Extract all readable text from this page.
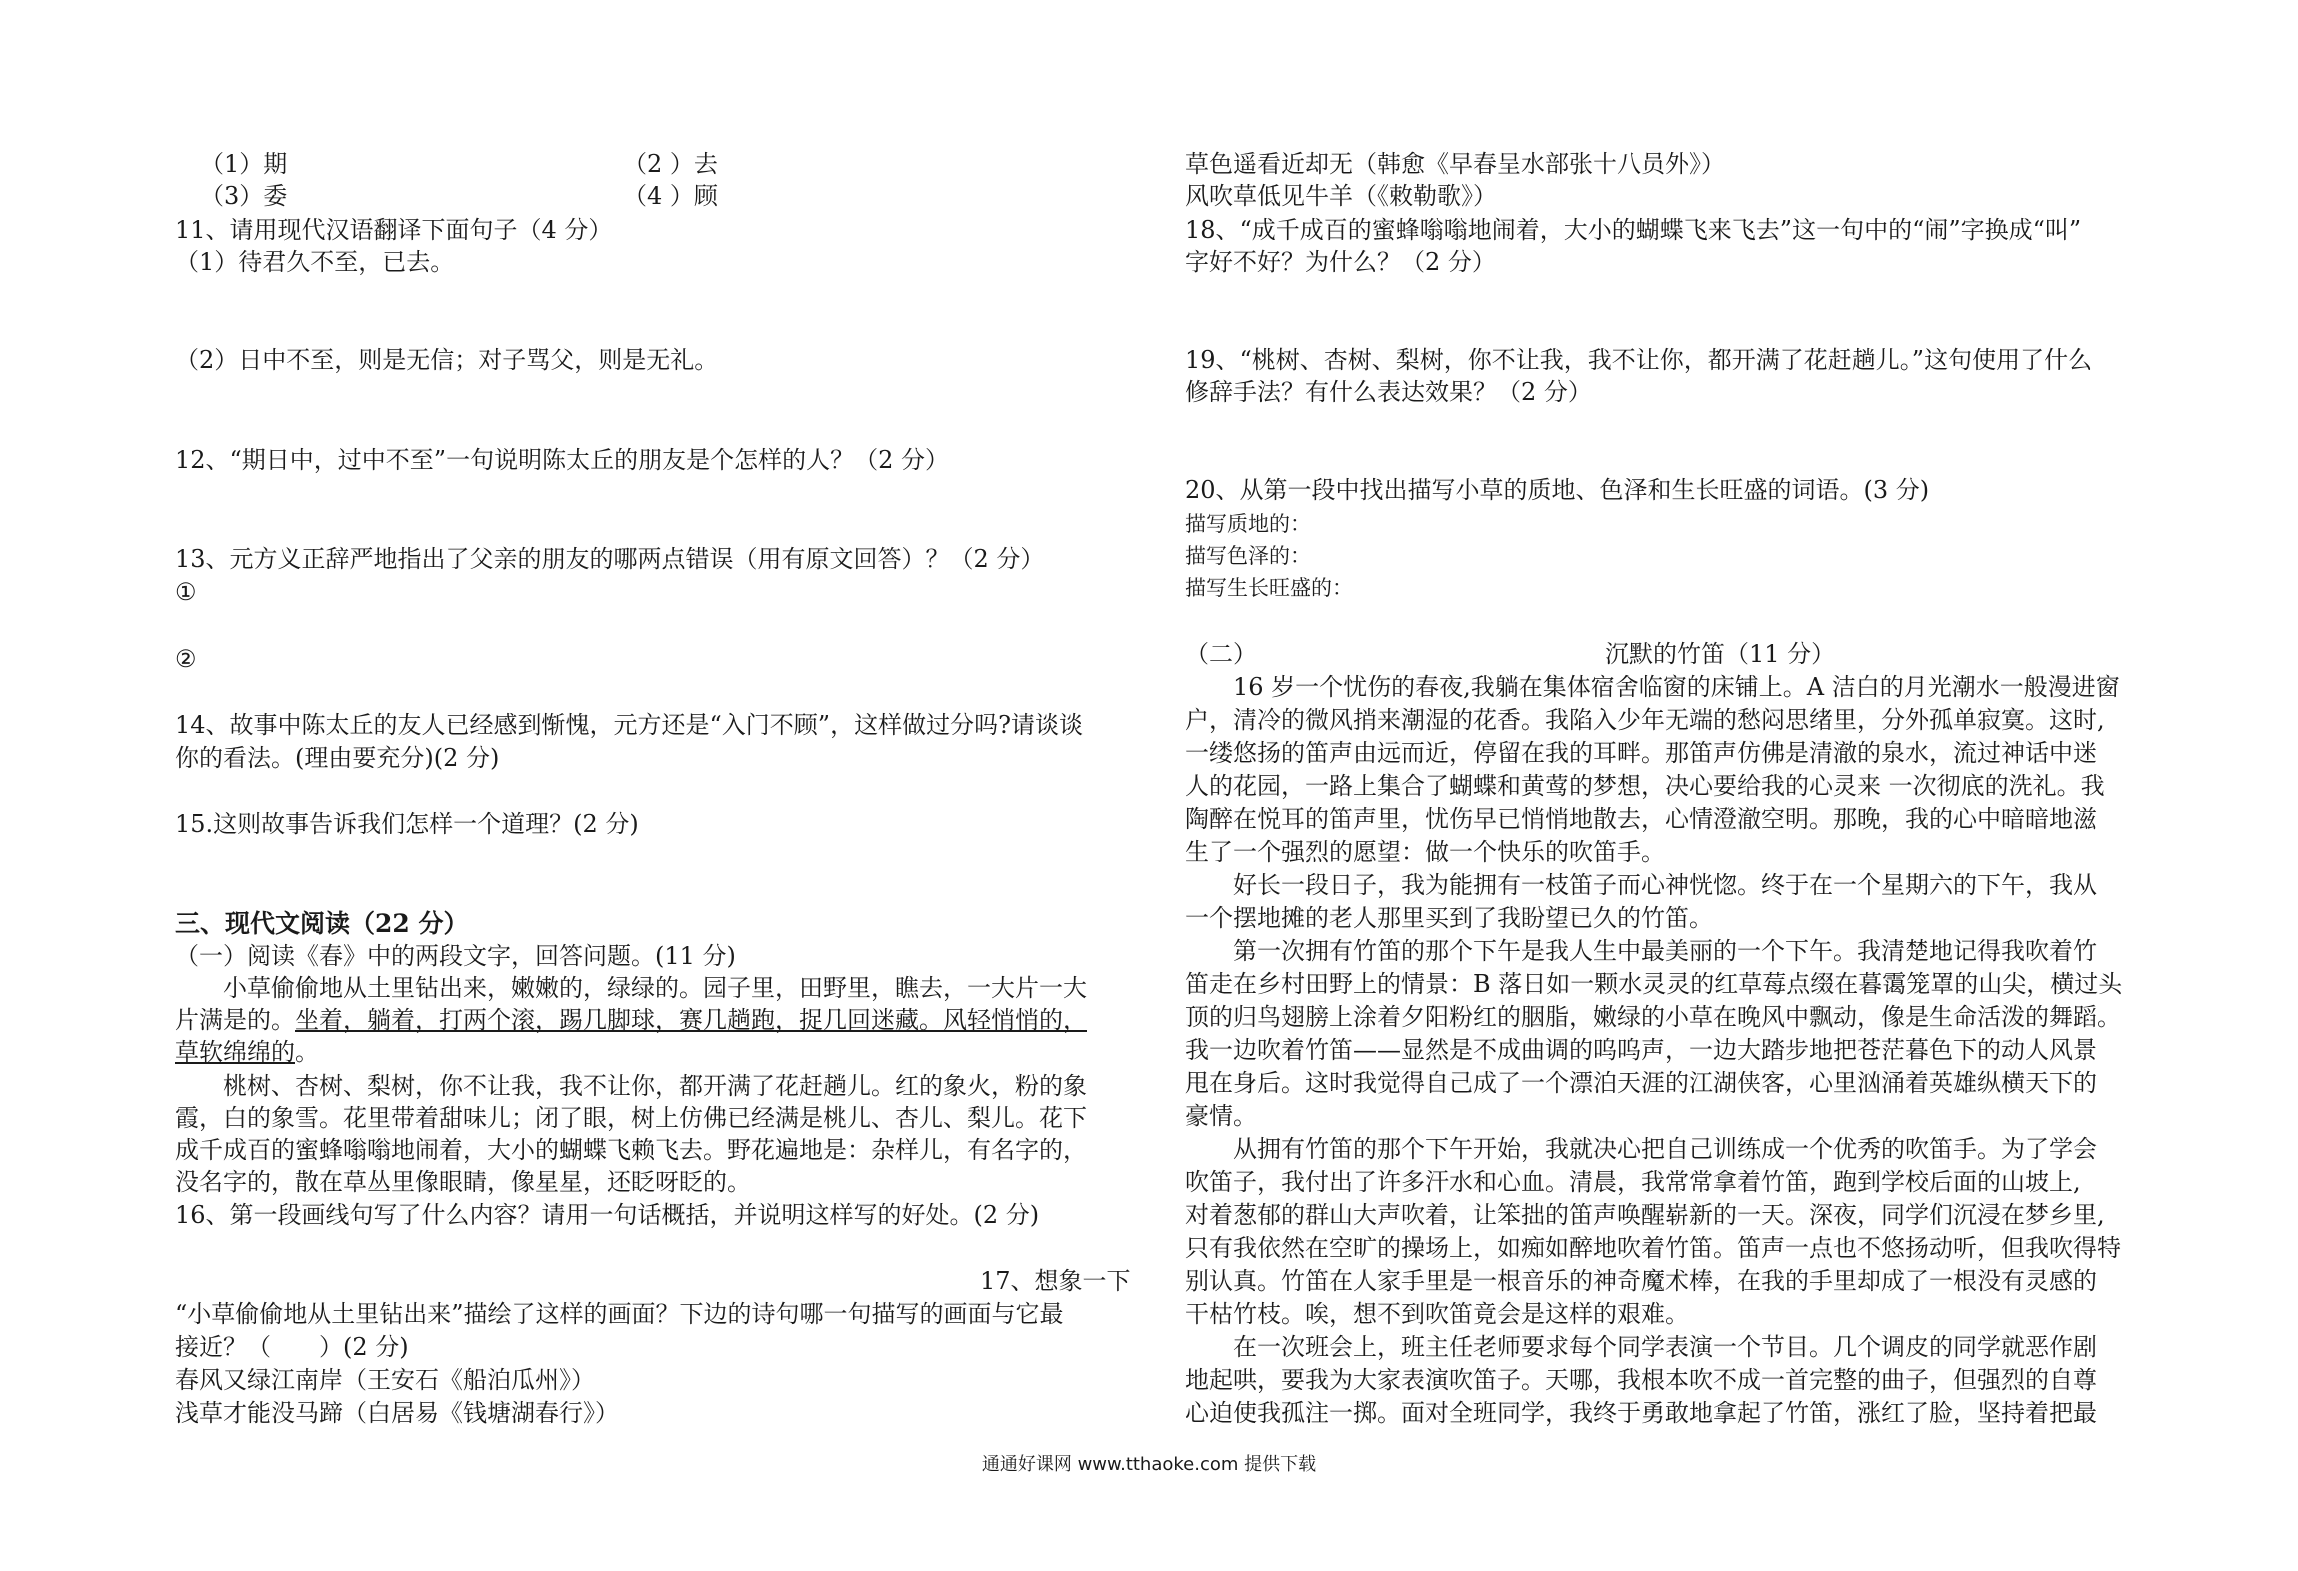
（1）期	（2 ）去
（3）委	（4 ）顾
11、请用现代汉语翻译下面句子（4 分）
（1）待君久不至，已去。
（2）日中不至，则是无信；对子骂父，则是无礼。
12、“期日中，过中不至”一句说明陈太丘的朋友是个怎样的人？（2 分）
13、元方义正辞严地指出了父亲的朋友的哪两点错误（用有原文回答）？（2 分）
①
②
14、故事中陈太丘的友人已经感到惭愧，元方还是“入门不顾”，这样做过分吗?请谈谈
你的看法。(理由要充分)(2 分)
15.这则故事告诉我们怎样一个道理？(2 分)
三、现代文阅读（22 分）
（一）阅读《春》中的两段文字，回答问题。(11 分)
小草偷偷地从土里钻出来，嫩嫩的，绿绿的。园子里，田野里，瞧去，一大片一大
片满是的。坐着，躺着，打两个滚，踢几脚球，赛几趟跑，捉几回迷藏。风轻悄悄的，
草软绵绵的。
桃树、杏树、梨树，你不让我，我不让你，都开满了花赶趟儿。红的象火，粉的象
霞，白的象雪。花里带着甜味儿；闭了眼，树上仿佛已经满是桃儿、杏儿、梨儿。花下
成千成百的蜜蜂嗡嗡地闹着，大小的蝴蝶飞赖飞去。野花遍地是：杂样儿，有名字的，
没名字的，散在草丛里像眼睛，像星星，还眨呀眨的。
16、第一段画线句写了什么内容？请用一句话概括，并说明这样写的好处。(2 分)
17、想象一下
“小草偷偷地从土里钻出来”描绘了这样的画面？下边的诗句哪一句描写的画面与它最
接近？（　　）(2 分)
春风又绿江南岸（王安石《船泊瓜州》）
浅草才能没马蹄（白居易《钱塘湖春行》）
草色遥看近却无（韩愈《早春呈水部张十八员外》）
风吹草低见牛羊（《敕勒歌》）
18、“成千成百的蜜蜂嗡嗡地闹着，大小的蝴蝶飞来飞去”这一句中的“闹”字换成“叫”
字好不好？为什么？（2 分）
19、“桃树、杏树、梨树，你不让我，我不让你，都开满了花赶趟儿。”这句使用了什么
修辞手法？有什么表达效果？（2 分）
20、从第一段中找出描写小草的质地、色泽和生长旺盛的词语。(3 分)
描写质地的：
描写色泽的：
描写生长旺盛的：
（二）	沉默的竹笛（11 分）
16 岁一个忧伤的春夜,我躺在集体宿舍临窗的床铺上。A 洁白的月光潮水一般漫进窗
户，清冷的微风捎来潮湿的花香。我陷入少年无端的愁闷思绪里，分外孤单寂寞。这时,
一缕悠扬的笛声由远而近，停留在我的耳畔。那笛声仿佛是清澈的泉水，流过神话中迷
人的花园，一路上集合了蝴蝶和黄莺的梦想，决心要给我的心灵来 一次彻底的洗礼。我
陶醉在悦耳的笛声里，忧伤早已悄悄地散去，心情澄澈空明。那晚，我的心中暗暗地滋
生了一个强烈的愿望：做一个快乐的吹笛手。
好长一段日子，我为能拥有一枝笛子而心神恍惚。终于在一个星期六的下午，我从
一个摆地摊的老人那里买到了我盼望已久的竹笛。
第一次拥有竹笛的那个下午是我人生中最美丽的一个下午。我清楚地记得我吹着竹
笛走在乡村田野上的情景：B 落日如一颗水灵灵的红草莓点缀在暮霭笼罩的山尖，横过头
顶的归鸟翅膀上涂着夕阳粉红的胭脂，嫩绿的小草在晚风中飘动，像是生命活泼的舞蹈。
我一边吹着竹笛——显然是不成曲调的呜呜声，一边大踏步地把苍茫暮色下的动人风景
甩在身后。这时我觉得自己成了一个漂泊天涯的江湖侠客，心里汹涌着英雄纵横天下的
豪情。
从拥有竹笛的那个下午开始，我就决心把自己训练成一个优秀的吹笛手。为了学会
吹笛子，我付出了许多汗水和心血。清晨，我常常拿着竹笛，跑到学校后面的山坡上,
对着葱郁的群山大声吹着，让笨拙的笛声唤醒崭新的一天。深夜，同学们沉浸在梦乡里,
只有我依然在空旷的操场上，如痴如醉地吹着竹笛。笛声一点也不悠扬动听，但我吹得特
别认真。竹笛在人家手里是一根音乐的神奇魔术棒，在我的手里却成了一根没有灵感的
干枯竹枝。唉，想不到吹笛竟会是这样的艰难。
在一次班会上，班主任老师要求每个同学表演一个节目。几个调皮的同学就恶作剧
地起哄，要我为大家表演吹笛子。天哪，我根本吹不成一首完整的曲子，但强烈的自尊
心迫使我孤注一掷。面对全班同学，我终于勇敢地拿起了竹笛，涨红了脸，坚持着把最
通通好课网 www.tthaoke.com 提供下载
